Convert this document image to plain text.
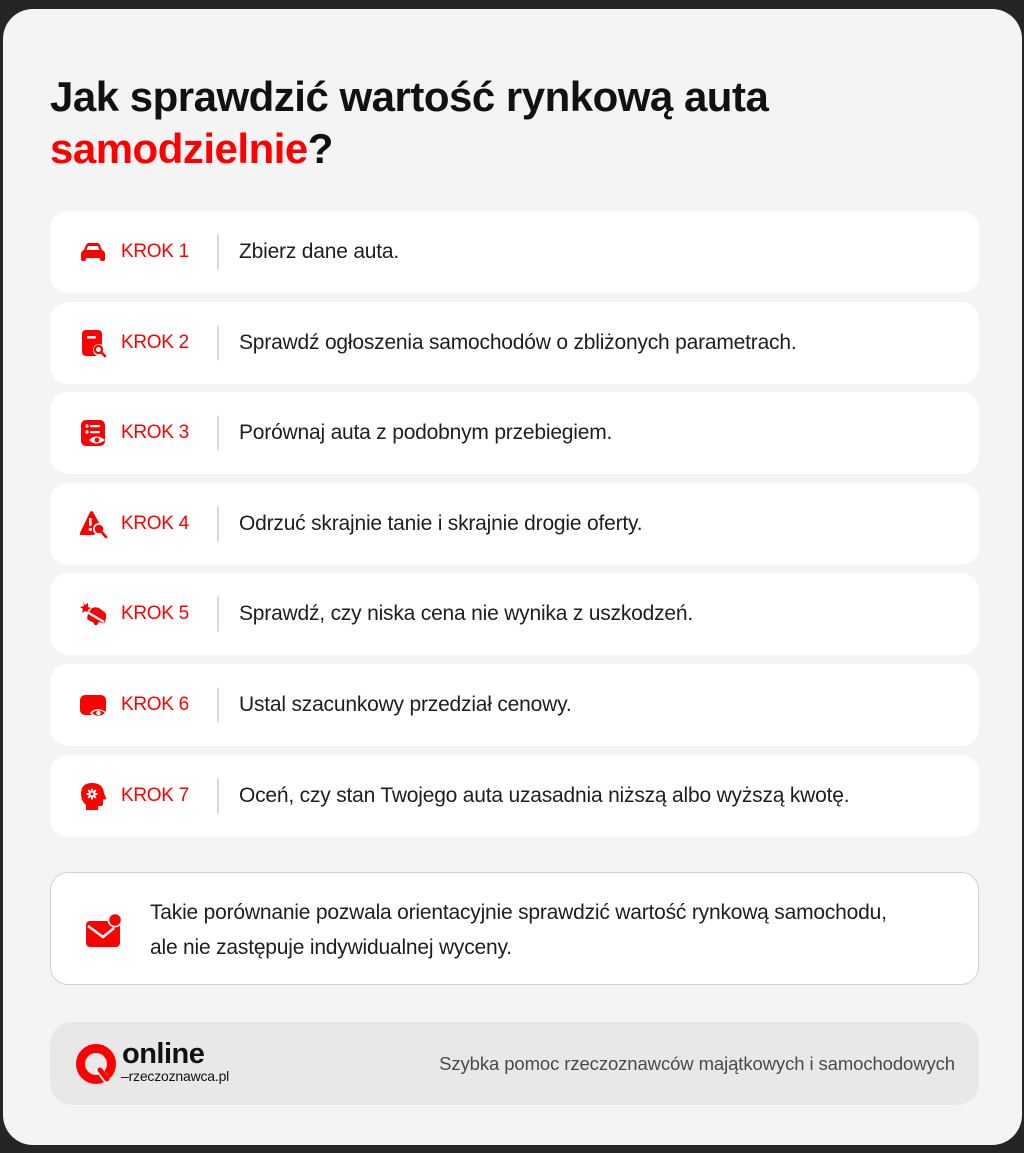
Jak sprawdzić wartość rynkową auta
samodzielnie?
KROK 1 Zbierz dane auta.
KROK 2 Sprawdź ogłoszenia samochodów o zbliżonych parametrach.
KROK 3 Porównaj auta z podobnym przebiegiem.
KROK 4 Odrzuć skrajnie tanie i skrajnie drogie oferty.
KROK 5 Sprawdź, czy niska cena nie wynika z uszkodzeń.
KROK 6 Ustal szacunkowy przedział cenowy.
KROK 7 Oceń, czy stan Twojego auta uzasadnia niższą albo wyższą kwotę.

Takie porównanie pozwala orientacyjnie sprawdzić wartość rynkową samochodu, ale nie zastępuje indywidualnej wyceny.

online
–rzeczoznawca.pl
Szybka pomoc rzeczoznawców majątkowych i samochodowych
